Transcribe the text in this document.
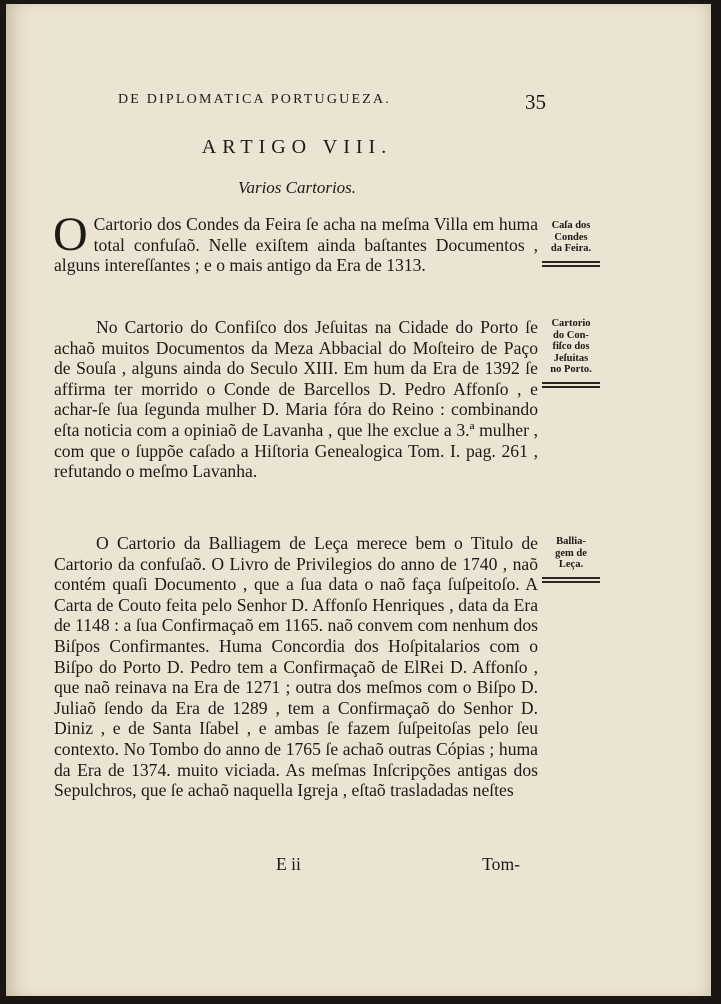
DE DIPLOMATICA PORTUGUEZA.	35
ARTIGO VIII.
Varios Cartorios.
O Cartorio dos Condes da Feira ſe acha na meſma Villa em huma total confuſaõ. Nelle exiſtem ainda baſtantes Documentos , alguns intereſſantes ; e o mais antigo da Era de 1313.
No Cartorio do Confiſco dos Jeſuitas na Cidade do Porto ſe achaõ muitos Documentos da Meza Abbacial do Moſteiro de Paço de Souſa , alguns ainda do Seculo XIII. Em hum da Era de 1392 ſe affirma ter morrido o Conde de Barcellos D. Pedro Affonſo , e achar-ſe ſua ſegunda mulher D. Maria fóra do Reino : combinando eſta noticia com a opiniaõ de Lavanha , que lhe exclue a 3.ª mulher , com que o ſuppõe caſado a Hiſtoria Genealogica Tom. I. pag. 261 , refutando o meſmo Lavanha.
O Cartorio da Balliagem de Leça merece bem o Titulo de Cartorio da confuſaõ. O Livro de Privilegios do anno de 1740 , naõ contém quaſi Documento , que a ſua data o naõ faça ſuſpeitoſo. A Carta de Couto feita pelo Senhor D. Affonſo Henriques , data da Era de 1148 : a ſua Confirmaçaõ em 1165. naõ convem com nenhum dos Biſpos Confirmantes. Huma Concordia dos Hoſpitalarios com o Biſpo do Porto D. Pedro tem a Confirmaçaõ de ElRei D. Affonſo , que naõ reinava na Era de 1271 ; outra dos meſmos com o Biſpo D. Juliaõ ſendo da Era de 1289 , tem a Confirmaçaõ do Senhor D. Diniz , e de Santa Iſabel , e ambas ſe fazem ſuſpeitoſas pelo ſeu contexto. No Tombo do anno de 1765 ſe achaõ outras Cópias ; huma da Era de 1374. muito viciada. As meſmas Inſcripções antigas dos Sepulchros, que ſe achaõ naquella Igreja , eſtaõ trasladadas neſtes
Caſa dos
Condes
da Feira.
Cartorio
do Con-
fiſco dos
Jeſuitas
no Porto.
Ballia-
gem de
Leça.
E ii	Tom-
